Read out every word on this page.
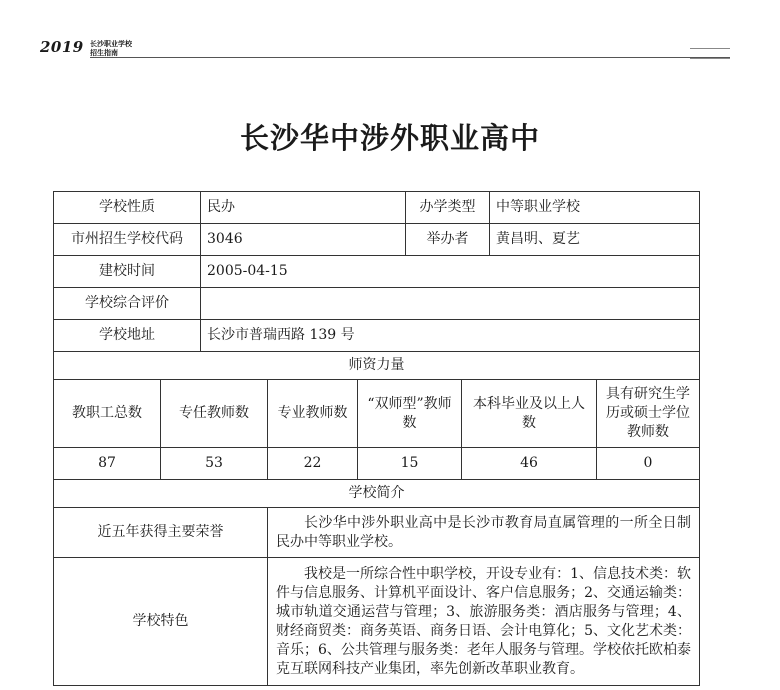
2019 长沙职业学校
招生指南
长沙华中涉外职业高中
学校性质		民办			办学类型		中等职业学校	
市州招生学校代码		3046			举办者		黄昌明、夏艺	
建校时间		2005-04-15						
学校综合评价								
学校地址		长沙市普瑞西路 139 号						
师资力量								
教职工总数	专任教师数		专业教师数	“双师型”教师数		本科毕业及以上人数		具有研究生学历或硕士学位教师数
87	53		22	15		46		0
学校简介								
近五年获得主要荣誉			长沙华中涉外职业高中是长沙市教育局直属管理的一所全日制民办中等职业学校。					
学校特色			我校是一所综合性中职学校，开设专业有：1、信息技术类：软件与信息服务、计算机平面设计、客户信息服务；2、交通运输类：城市轨道交通运营与管理；3、旅游服务类：酒店服务与管理；4、财经商贸类：商务英语、商务日语、会计电算化；5、文化艺术类：音乐；6、公共管理与服务类：老年人服务与管理。学校依托欧柏泰克互联网科技产业集团，率先创新改革职业教育。					
